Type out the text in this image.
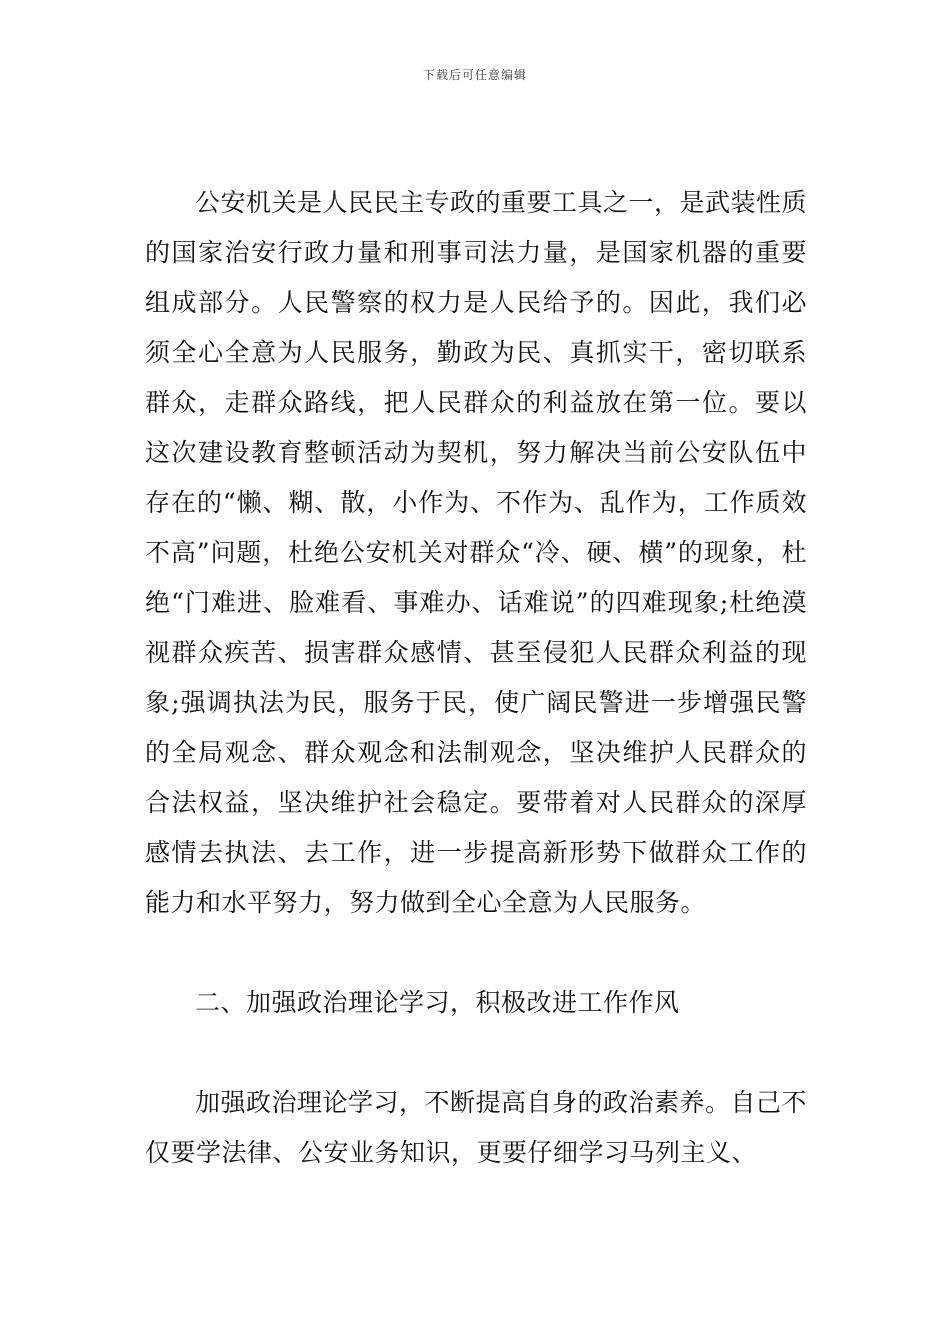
下载后可任意编辑

公安机关是人民民主专政的重要工具之一，是武装性质的国家治安行政力量和刑事司法力量，是国家机器的重要组成部分。人民警察的权力是人民给予的。因此，我们必须全心全意为人民服务，勤政为民、真抓实干，密切联系群众，走群众路线，把人民群众的利益放在第一位。要以这次建设教育整顿活动为契机，努力解决当前公安队伍中存在的“懒、糊、散，小作为、不作为、乱作为，工作质效不高”问题，杜绝公安机关对群众“冷、硬、横”的现象，杜绝“门难进、脸难看、事难办、话难说”的四难现象;杜绝漠视群众疾苦、损害群众感情、甚至侵犯人民群众利益的现象;强调执法为民，服务于民，使广阔民警进一步增强民警的全局观念、群众观念和法制观念，坚决维护人民群众的合法权益，坚决维护社会稳定。要带着对人民群众的深厚感情去执法、去工作，进一步提高新形势下做群众工作的能力和水平努力，努力做到全心全意为人民服务。

二、加强政治理论学习，积极改进工作作风

加强政治理论学习，不断提高自身的政治素养。自己不仅要学法律、公安业务知识，更要仔细学习马列主义、
